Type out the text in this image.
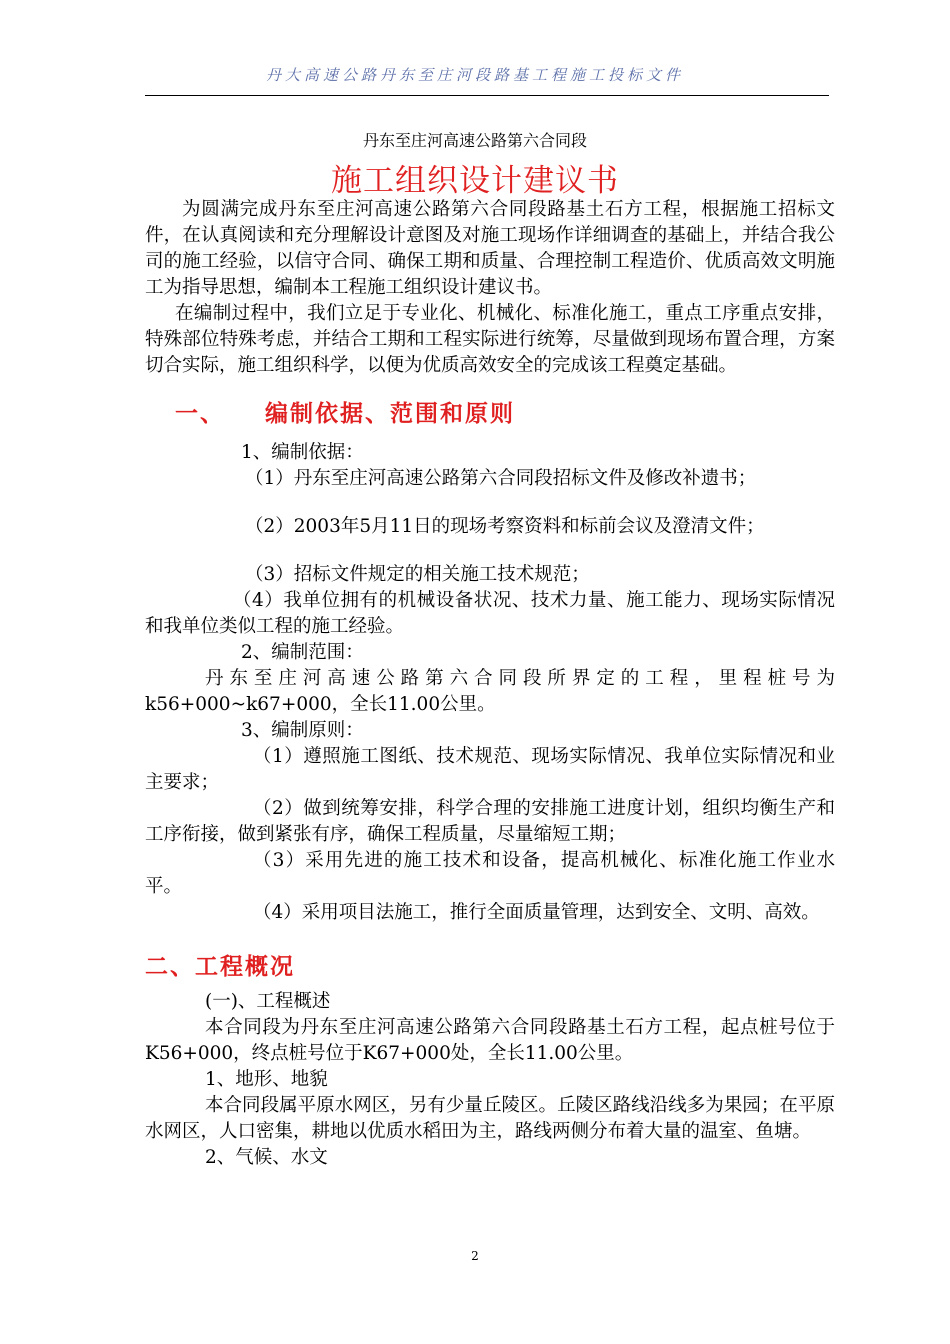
丹大高速公路丹东至庄河段路基工程施工投标文件
丹东至庄河高速公路第六合同段
施工组织设计建议书

为圆满完成丹东至庄河高速公路第六合同段路基土石方工程，根据施工招标文件，在认真阅读和充分理解设计意图及对施工现场作详细调查的基础上，并结合我公司的施工经验，以信守合同、确保工期和质量、合理控制工程造价、优质高效文明施工为指导思想，编制本工程施工组织设计建议书。

在编制过程中，我们立足于专业化、机械化、标准化施工，重点工序重点安排，特殊部位特殊考虑，并结合工期和工程实际进行统筹，尽量做到现场布置合理，方案切合实际，施工组织科学，以便为优质高效安全的完成该工程奠定基础。

一、    编制依据、范围和原则

1、编制依据：

（1）丹东至庄河高速公路第六合同段招标文件及修改补遗书；

（2）2003年5月11日的现场考察资料和标前会议及澄清文件；

（3）招标文件规定的相关施工技术规范；

（4）我单位拥有的机械设备状况、技术力量、施工能力、现场实际情况和我单位类似工程的施工经验。

2、编制范围：

丹东至庄河高速公路第六合同段所界定的工程，里程桩号为k56+000~k67+000，全长11.00公里。

3、编制原则：

（1）遵照施工图纸、技术规范、现场实际情况、我单位实际情况和业主要求；

（2）做到统筹安排，科学合理的安排施工进度计划，组织均衡生产和工序衔接，做到紧张有序，确保工程质量，尽量缩短工期；

（3）采用先进的施工技术和设备，提高机械化、标准化施工作业水平。

（4）采用项目法施工，推行全面质量管理，达到安全、文明、高效。

二、工程概况

(一)、工程概述

本合同段为丹东至庄河高速公路第六合同段路基土石方工程，起点桩号位于K56+000，终点桩号位于K67+000处，全长11.00公里。

1、地形、地貌

本合同段属平原水网区，另有少量丘陵区。丘陵区路线沿线多为果园；在平原水网区，人口密集，耕地以优质水稻田为主，路线两侧分布着大量的温室、鱼塘。

2、气候、水文

2
